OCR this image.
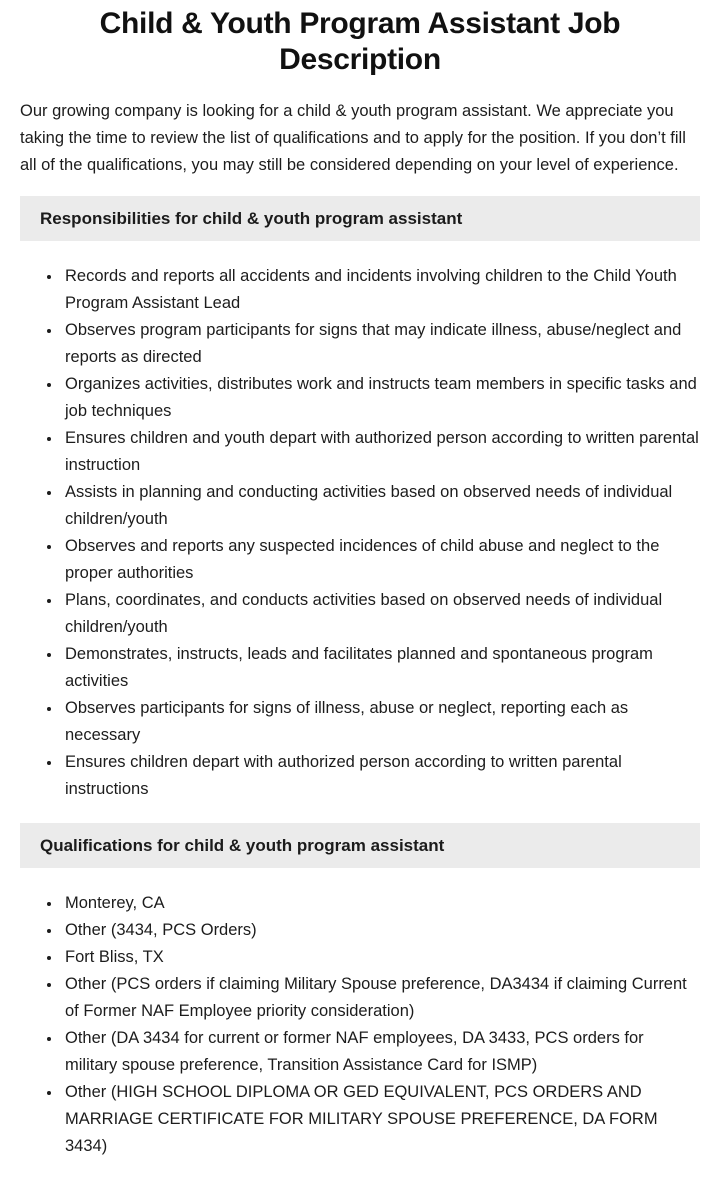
Child & Youth Program Assistant Job Description

Our growing company is looking for a child & youth program assistant. We appreciate you taking the time to review the list of qualifications and to apply for the position. If you don’t fill all of the qualifications, you may still be considered depending on your level of experience.

Responsibilities for child & youth program assistant
• Records and reports all accidents and incidents involving children to the Child Youth Program Assistant Lead
• Observes program participants for signs that may indicate illness, abuse/neglect and reports as directed
• Organizes activities, distributes work and instructs team members in specific tasks and job techniques
• Ensures children and youth depart with authorized person according to written parental instruction
• Assists in planning and conducting activities based on observed needs of individual children/youth
• Observes and reports any suspected incidences of child abuse and neglect to the proper authorities
• Plans, coordinates, and conducts activities based on observed needs of individual children/youth
• Demonstrates, instructs, leads and facilitates planned and spontaneous program activities
• Observes participants for signs of illness, abuse or neglect, reporting each as necessary
• Ensures children depart with authorized person according to written parental instructions
Qualifications for child & youth program assistant
• Monterey, CA
• Other (3434, PCS Orders)
• Fort Bliss, TX
• Other (PCS orders if claiming Military Spouse preference, DA3434 if claiming Current of Former NAF Employee priority consideration)
• Other (DA 3434 for current or former NAF employees, DA 3433, PCS orders for military spouse preference, Transition Assistance Card for ISMP)
• Other (HIGH SCHOOL DIPLOMA OR GED EQUIVALENT, PCS ORDERS AND MARRIAGE CERTIFICATE FOR MILITARY SPOUSE PREFERENCE, DA FORM 3434)
